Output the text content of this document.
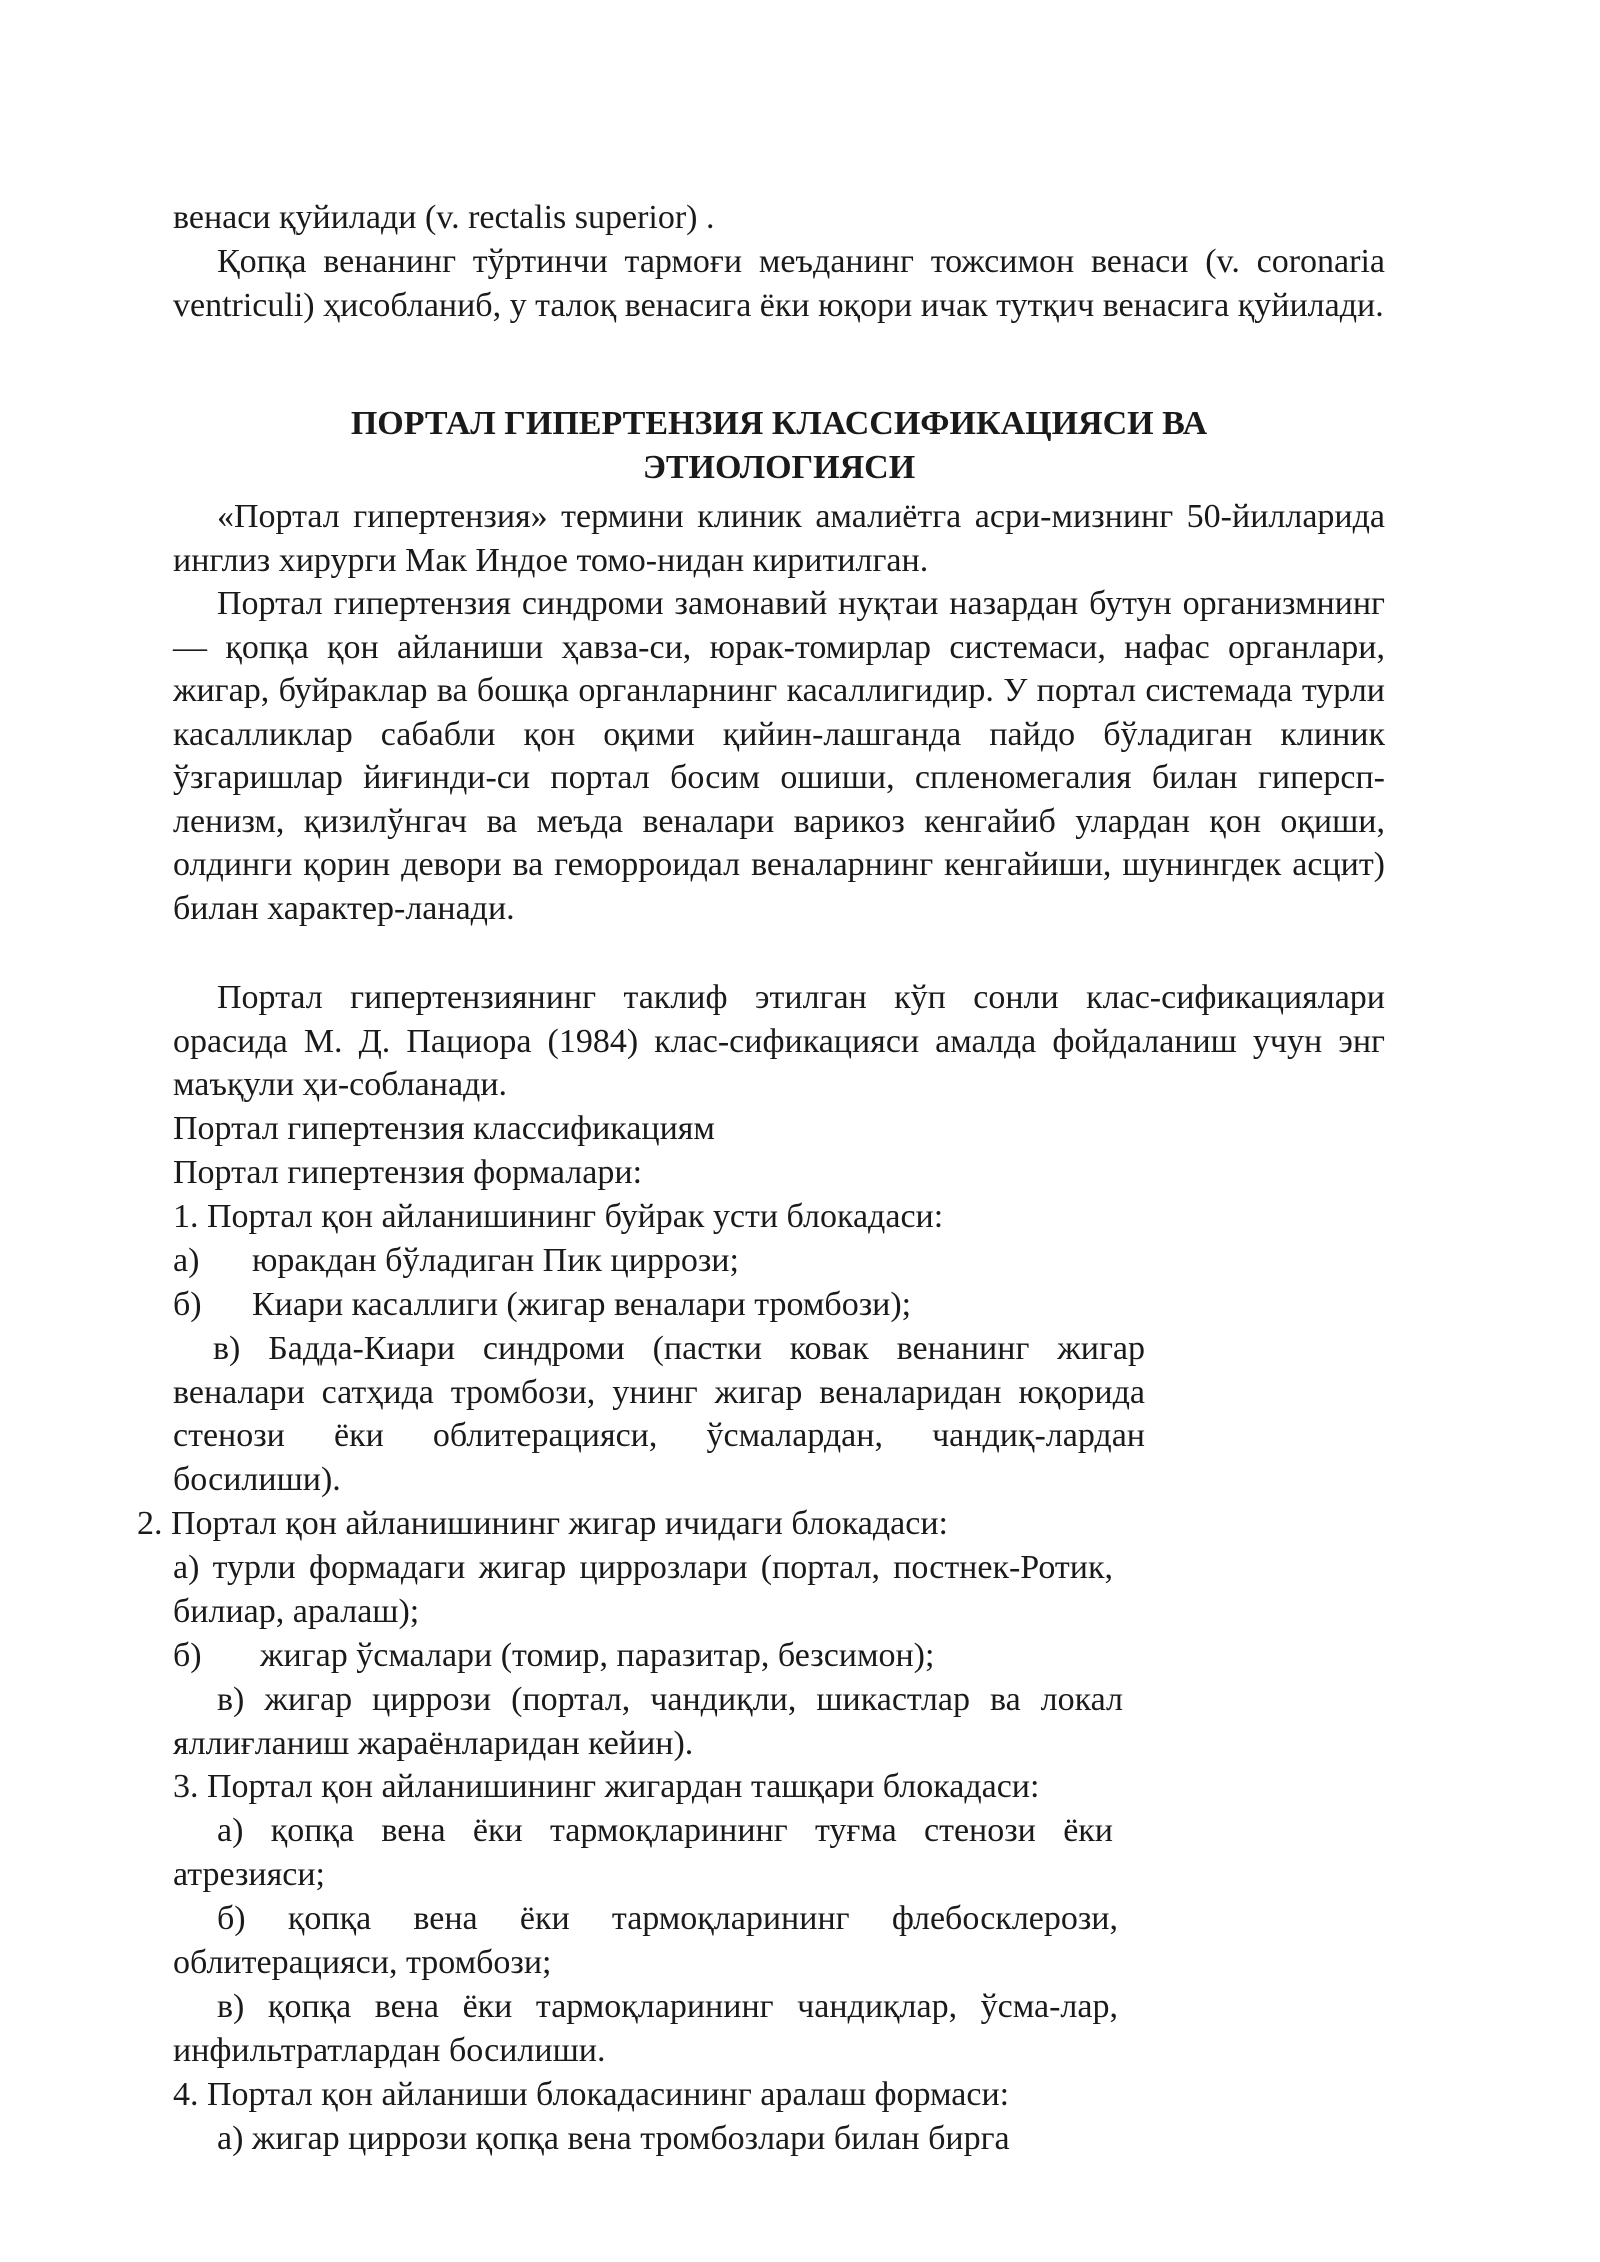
венаси қуйилади (v. rectalis superior) .
Қопқа венанинг тўртинчи тармоғи меъданинг тожсимон венаси (v. coronaria ventriculi) ҳисобланиб, у талоқ венасига ёки юқори ичак тутқич венасига қуйилади.
ПОРТАЛ ГИПЕРТЕНЗИЯ КЛАССИФИКАЦИЯСИ ВА
ЭТИОЛОГИЯСИ
«Портал гипертензия» термини клиник амалиётга асри-мизнинг 50-йилларида инглиз хирурги Мак Индое томо-нидан киритилган.
Портал гипертензия синдроми замонавий нуқтаи назардан бутун организмнинг — қопқа қон айланиши ҳавза-си, юрак-томирлар системаси, нафас органлари, жигар, буйраклар ва бошқа органларнинг касаллигидир. У портал системада турли касалликлар сабабли қон оқими қийин-лашганда пайдо бўладиган клиник ўзгаришлар йиғинди-си портал босим ошиши, спленомегалия билан гиперсп-ленизм, қизилўнгач ва меъда веналари варикоз кенгайиб улардан қон оқиши, олдинги қорин девори ва геморроидал веналарнинг кенгайиши, шунингдек асцит) билан характер-ланади.
Портал гипертензиянинг таклиф этилган кўп сонли клас-сификациялари орасида М. Д. Пациора (1984) клас-сификацияси амалда фойдаланиш учун энг маъқули ҳи-собланади.
Портал гипертензия классификациям
Портал гипертензия формалари:
1. Портал қон айланишининг буйрак усти блокадаси:
а) юракдан бўладиган Пик циррози;
б) Киари касаллиги (жигар веналари тромбози);
в) Бадда-Киари синдроми (пастки ковак венанинг жигар веналари сатҳида тромбози, унинг жигар веналаридан юқорида стенози ёки облитерацияси, ўсмалардан, чандиқ-лардан босилиши).
2. Портал қон айланишининг жигар ичидаги блокадаси:
а) турли формадаги жигар циррозлари (портал, постнек-Ротик, билиар, аралаш);
б) жигар ўсмалари (томир, паразитар, безсимон);
в) жигар циррози (портал, чандиқли, шикастлар ва локал яллиғланиш жараёнларидан кейин).
3. Портал қон айланишининг жигардан ташқари блокадаси:
а) қопқа вена ёки тармоқларининг туғма стенози ёки атрезияси;
б) қопқа вена ёки тармоқларининг флебосклерози, облитерацияси, тромбози;
в) қопқа вена ёки тармоқларининг чандиқлар, ўсма-лар, инфильтратлардан босилиши.
4. Портал қон айланиши блокадасининг аралаш формаси:
а) жигар циррози қопқа вена тромбозлари билан бирга
